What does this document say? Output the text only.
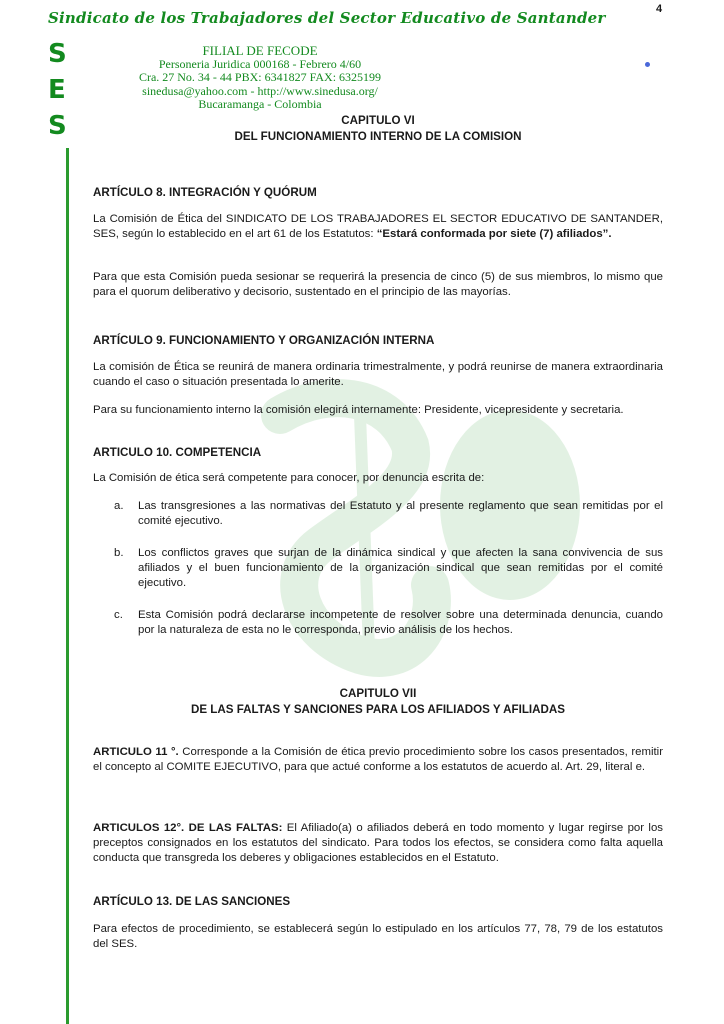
4
Sindicato de los Trabajadores del Sector Educativo de Santander
S
E
S
FILIAL DE FECODE
Personeria Juridica 000168 - Febrero 4/60
Cra. 27 No. 34 - 44 PBX: 6341827 FAX: 6325199
sinedusa@yahoo.com - http://www.sinedusa.org/
Bucaramanga - Colombia
CAPITULO VI
DEL FUNCIONAMIENTO INTERNO DE LA COMISION
ARTÍCULO 8. INTEGRACIÓN Y QUÓRUM

La Comisión de Ética del SINDICATO DE LOS TRABAJADORES EL SECTOR EDUCATIVO DE SANTANDER, SES, según lo establecido en el art 61 de los Estatutos: “Estará conformada por siete (7) afiliados”.

Para que esta Comisión pueda sesionar se requerirá la presencia de cinco (5) de sus miembros, lo mismo que para el quorum deliberativo y decisorio, sustentado en el principio de las mayorías.

ARTÍCULO 9. FUNCIONAMIENTO Y ORGANIZACIÓN INTERNA

La comisión de Ética se reunirá de manera ordinaria trimestralmente, y podrá reunirse de manera extraordinaria cuando el caso o situación presentada lo amerite.

Para su funcionamiento interno la comisión elegirá internamente: Presidente, vicepresidente y secretaria.

ARTICULO 10. COMPETENCIA

La Comisión de ética será competente para conocer, por denuncia escrita de:

a. Las transgresiones a las normativas del Estatuto y al presente reglamento que sean remitidas por el comité ejecutivo.
b. Los conflictos graves que surjan de la dinámica sindical y que afecten la sana convivencia de sus afiliados y el buen funcionamiento de la organización sindical que sean remitidas por el comité ejecutivo.
c. Esta Comisión podrá declararse incompetente de resolver sobre una determinada denuncia, cuando por la naturaleza de esta no le corresponda, previo análisis de los hechos.
CAPITULO VII
DE LAS FALTAS Y SANCIONES PARA LOS AFILIADOS Y AFILIADAS

ARTICULO 11 °. Corresponde a la Comisión de ética previo procedimiento sobre los casos presentados, remitir el concepto al COMITE EJECUTIVO, para que actué conforme a los estatutos de acuerdo al. Art. 29, literal e.

ARTICULOS 12°. DE LAS FALTAS: El Afiliado(a) o afiliados deberá en todo momento y lugar regirse por los preceptos consignados en los estatutos del sindicato. Para todos los efectos, se considera como falta aquella conducta que transgreda los deberes y obligaciones establecidos en el Estatuto.

ARTÍCULO 13. DE LAS SANCIONES

Para efectos de procedimiento, se establecerá según lo estipulado en los artículos 77, 78, 79 de los estatutos del SES.
